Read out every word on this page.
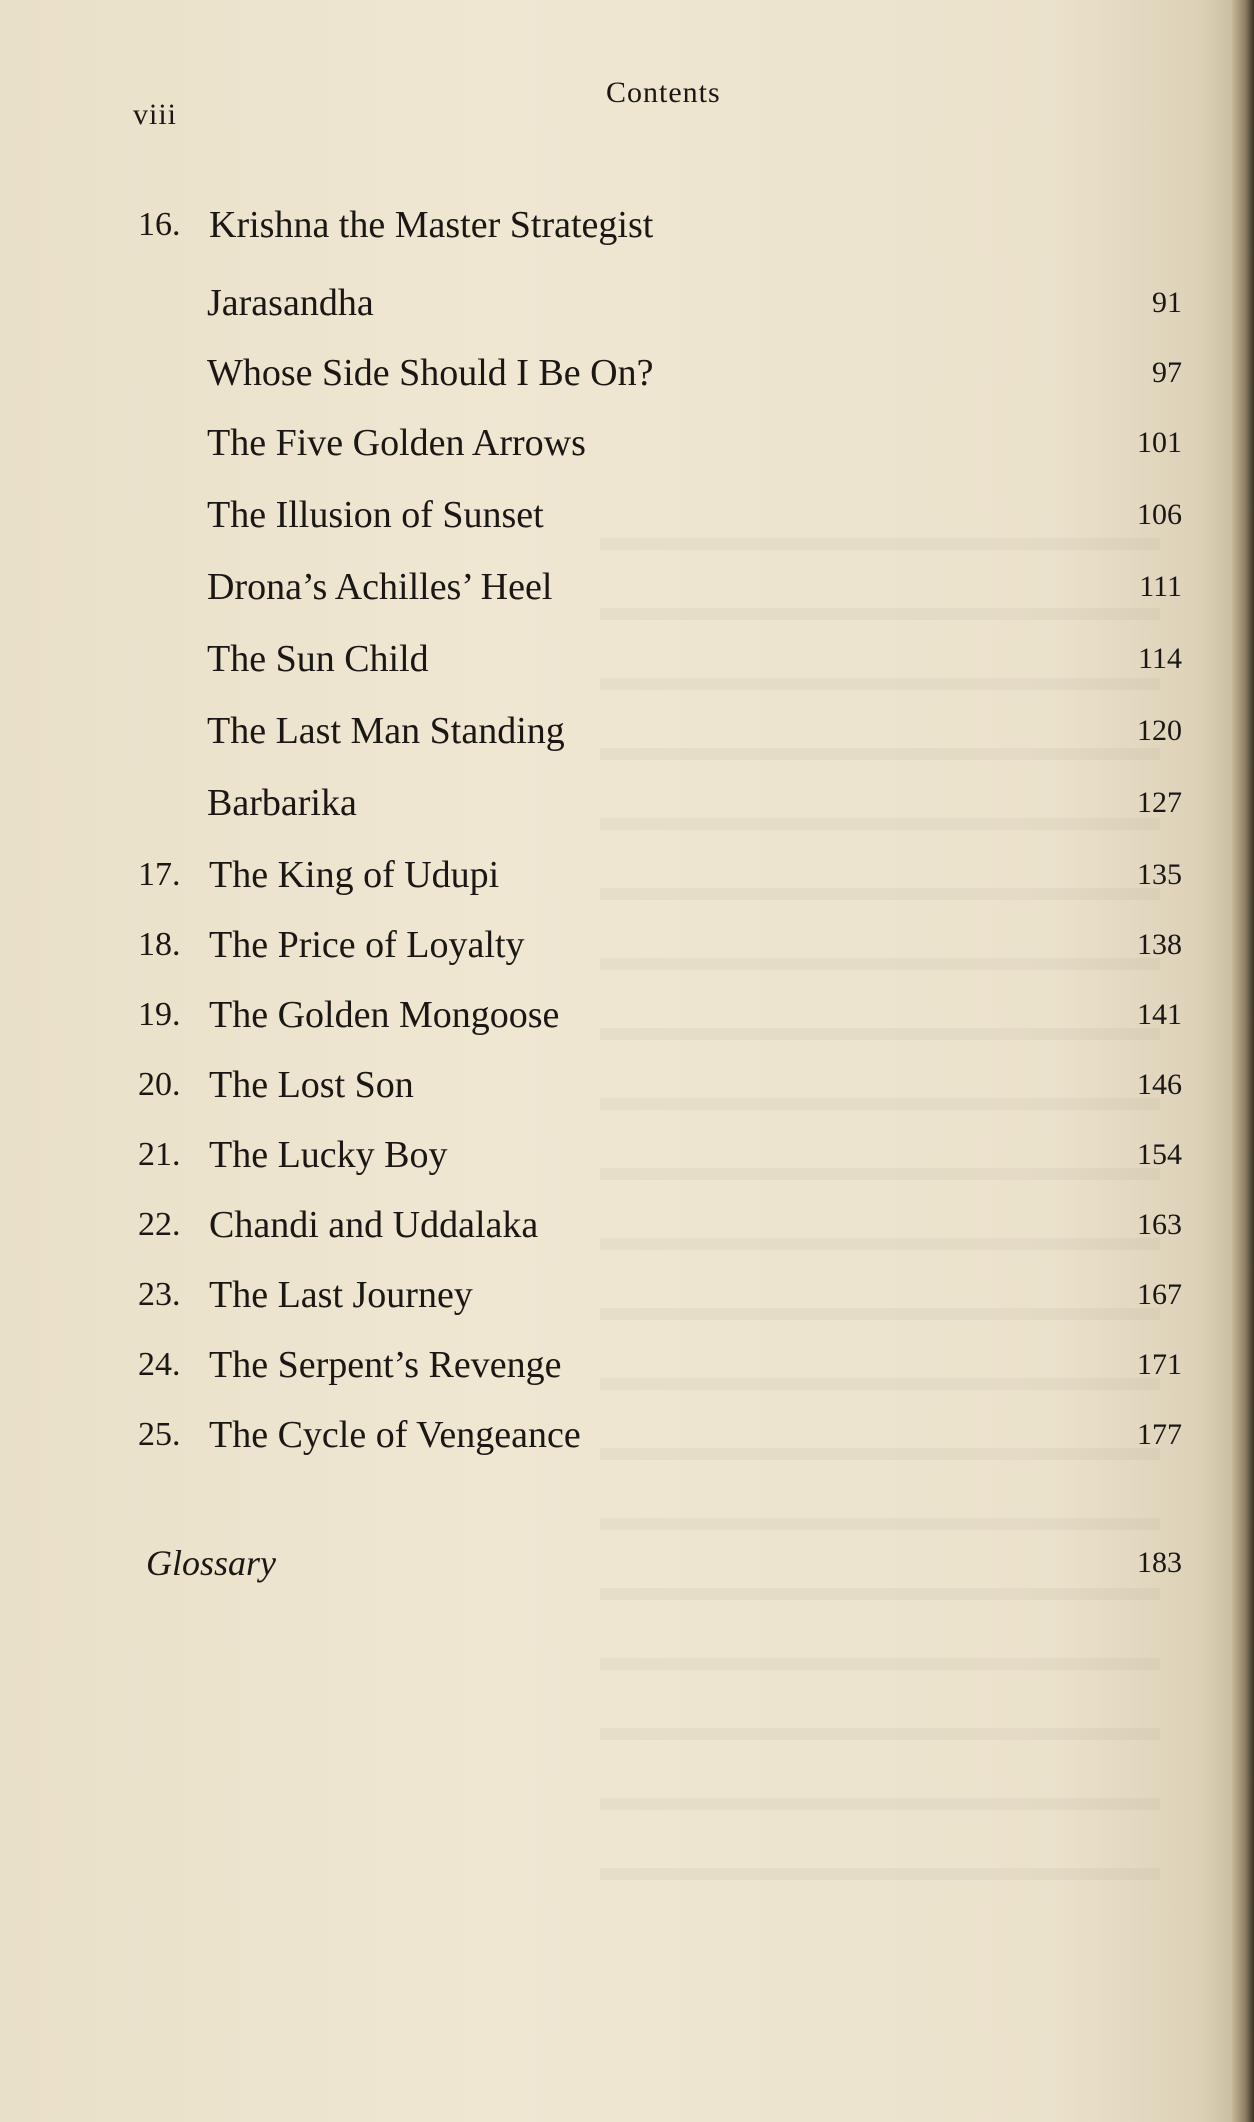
viii
Contents
16. Krishna the Master Strategist
Jarasandha	91
Whose Side Should I Be On?	97
The Five Golden Arrows	101
The Illusion of Sunset	106
Drona’s Achilles’ Heel	111
The Sun Child	114
The Last Man Standing	120
Barbarika	127
17. The King of Udupi	135
18. The Price of Loyalty	138
19. The Golden Mongoose	141
20. The Lost Son	146
21. The Lucky Boy	154
22. Chandi and Uddalaka	163
23. The Last Journey	167
24. The Serpent’s Revenge	171
25. The Cycle of Vengeance	177
Glossary	183
